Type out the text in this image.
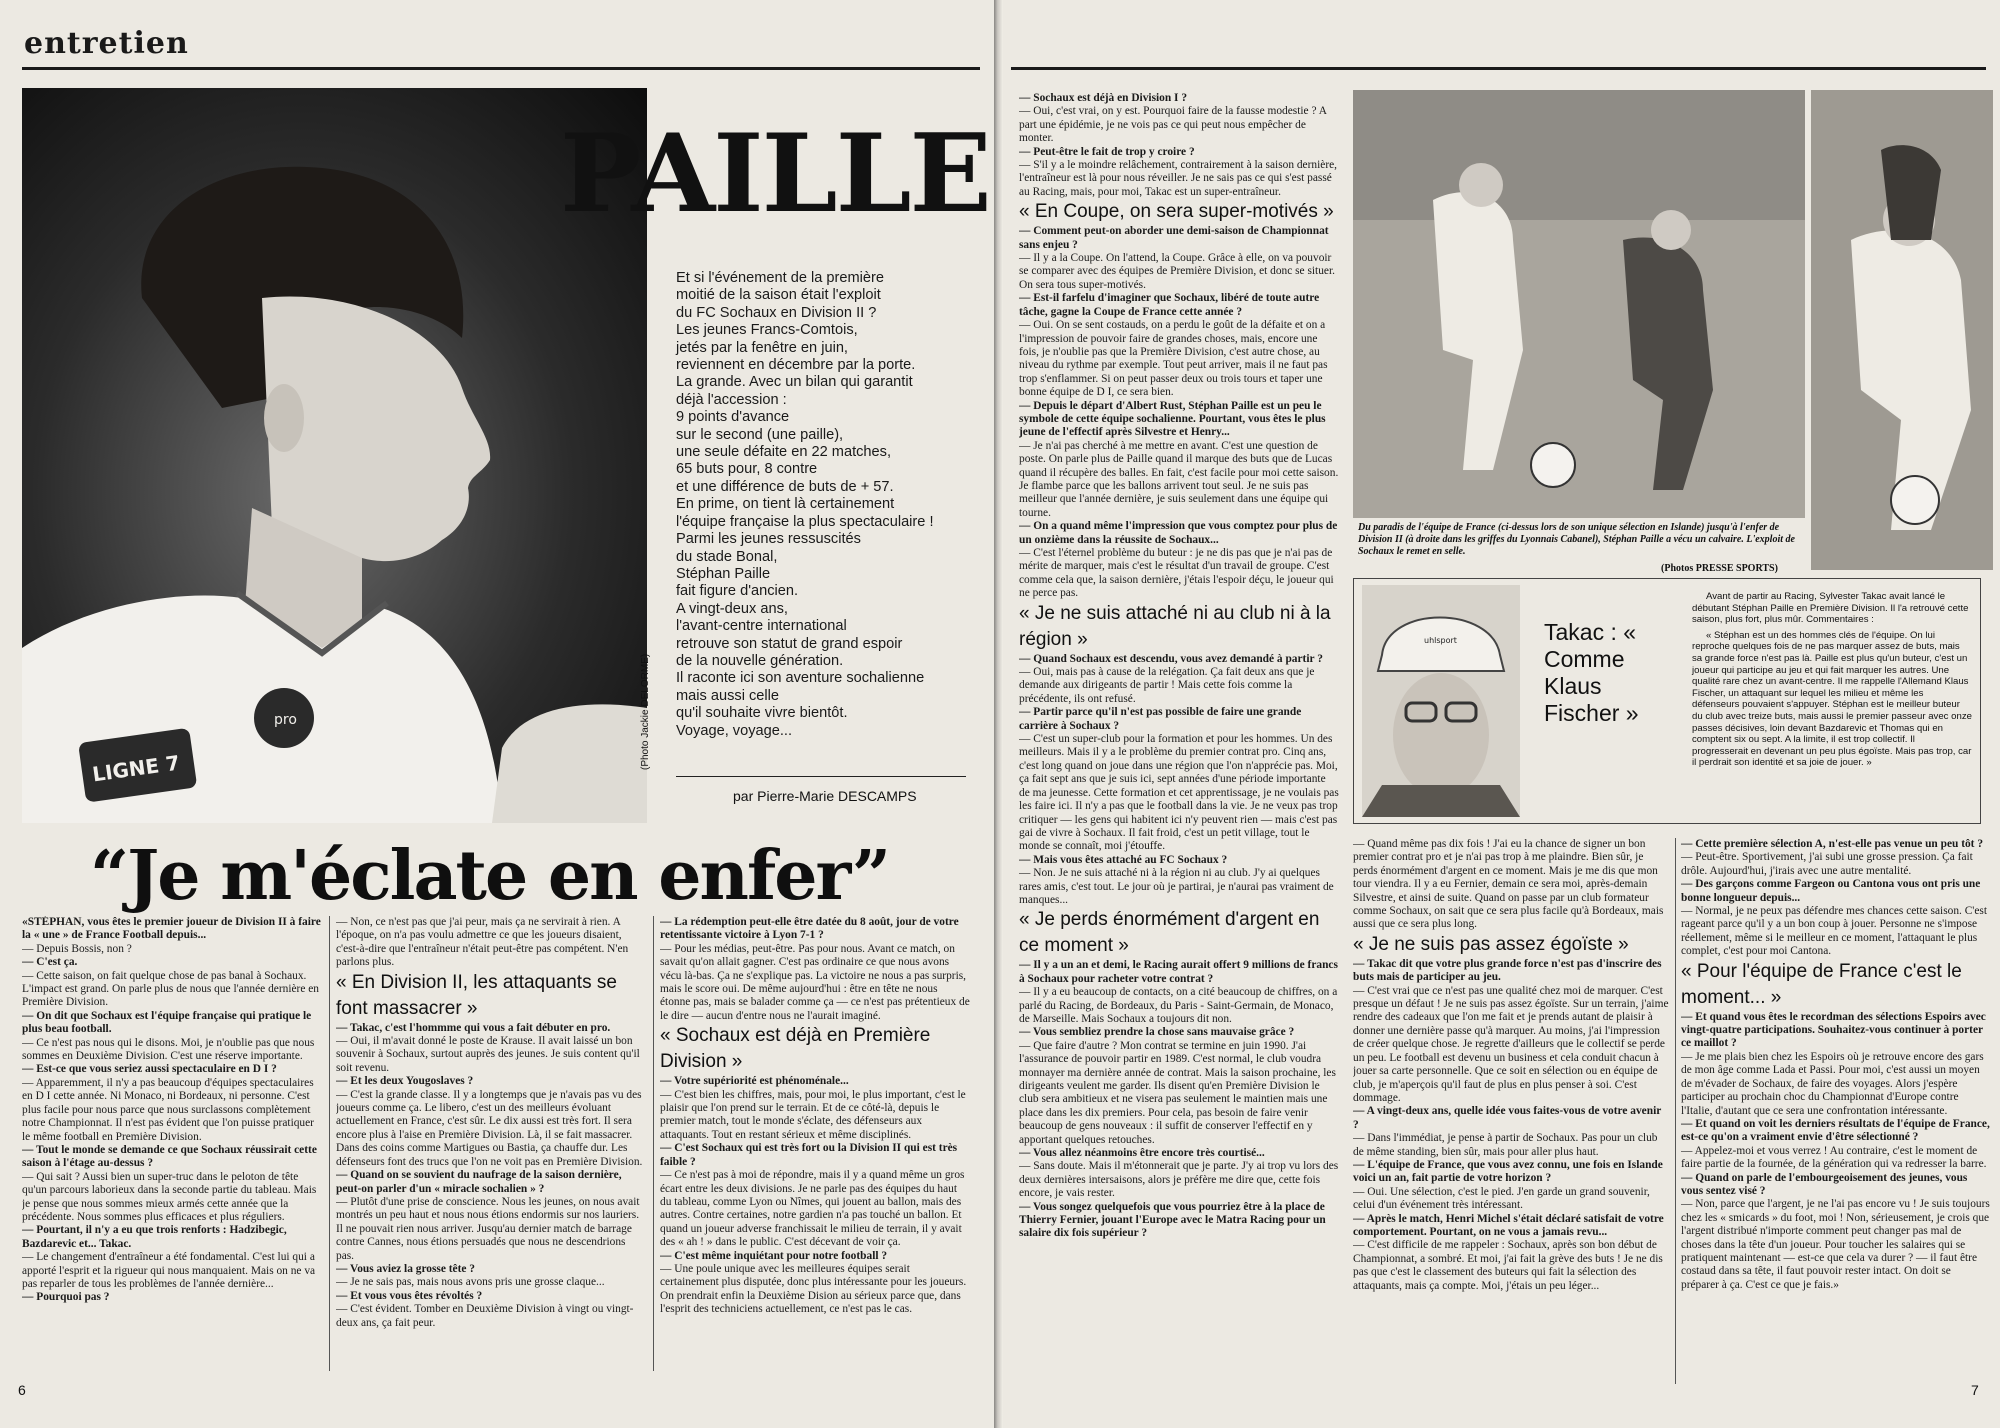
entretien
LIGNE 7
pro
PAILLE
Et si l'événement de la première
moitié de la saison était l'exploit
du FC Sochaux en Division II ?
Les jeunes Francs-Comtois,
jetés par la fenêtre en juin,
reviennent en décembre par la porte.
La grande. Avec un bilan qui garantit
déjà l'accession :
9 points d'avance
sur le second (une paille),
une seule défaite en 22 matches,
65 buts pour, 8 contre
et une différence de buts de + 57.
En prime, on tient là certainement
l'équipe française la plus spectaculaire !
Parmi les jeunes ressuscités
du stade Bonal,
Stéphan Paille
fait figure d'ancien.
A vingt-deux ans,
l'avant-centre international
retrouve son statut de grand espoir
de la nouvelle génération.
Il raconte ici son aventure sochalienne
mais aussi celle
qu'il souhaite vivre bientôt.
Voyage, voyage...
(Photo Jackie DELORME)
par Pierre-Marie DESCAMPS
“Je m'éclate en enfer”

«STÉPHAN, vous êtes le premier joueur de Division II à faire la « une » de France Football depuis...

— Depuis Bossis, non ?

— C'est ça.

— Cette saison, on fait quelque chose de pas banal à Sochaux. L'impact est grand. On parle plus de nous que l'année dernière en Première Division.

— On dit que Sochaux est l'équipe française qui pratique le plus beau football.

— Ce n'est pas nous qui le disons. Moi, je n'oublie pas que nous sommes en Deuxième Division. C'est une réserve importante.

— Est-ce que vous seriez aussi spectaculaire en D I ?

— Apparemment, il n'y a pas beaucoup d'équipes spectaculaires en D I cette année. Ni Monaco, ni Bordeaux, ni personne. C'est plus facile pour nous parce que nous surclassons complètement notre Championnat. Il n'est pas évident que l'on puisse pratiquer le même football en Première Division.

— Tout le monde se demande ce que Sochaux réussirait cette saison à l'étage au-dessus ?

— Qui sait ? Aussi bien un super-truc dans le peloton de tête qu'un parcours laborieux dans la seconde partie du tableau. Mais je pense que nous sommes mieux armés cette année que la précédente. Nous sommes plus efficaces et plus réguliers.

— Pourtant, il n'y a eu que trois renforts : Hadzibegic, Bazdarevic et... Takac.

— Le changement d'entraîneur a été fondamental. C'est lui qui a apporté l'esprit et la rigueur qui nous manquaient. Mais on ne va pas reparler de tous les problèmes de l'année dernière...

— Pourquoi pas ?

— Non, ce n'est pas que j'ai peur, mais ça ne servirait à rien. A l'époque, on n'a pas voulu admettre ce que les joueurs disaient, c'est-à-dire que l'entraîneur n'était peut-être pas compétent. N'en parlons plus.

« En Division II, les attaquants se font massacrer »

— Takac, c'est l'hommme qui vous a fait débuter en pro.

— Oui, il m'avait donné le poste de Krause. Il avait laissé un bon souvenir à Sochaux, surtout auprès des jeunes. Je suis content qu'il soit revenu.

— Et les deux Yougoslaves ?

— C'est la grande classe. Il y a longtemps que je n'avais pas vu des joueurs comme ça. Le libero, c'est un des meilleurs évoluant actuellement en France, c'est sûr. Le dix aussi est très fort. Il sera encore plus à l'aise en Première Division. Là, il se fait massacrer. Dans des coins comme Martigues ou Bastia, ça chauffe dur. Les défenseurs font des trucs que l'on ne voit pas en Première Division.

— Quand on se souvient du naufrage de la saison dernière, peut-on parler d'un « miracle sochalien » ?

— Plutôt d'une prise de conscience. Nous les jeunes, on nous avait montrés un peu haut et nous nous étions endormis sur nos lauriers. Il ne pouvait rien nous arriver. Jusqu'au dernier match de barrage contre Cannes, nous étions persuadés que nous ne descendrions pas.

— Vous aviez la grosse tête ?

— Je ne sais pas, mais nous avons pris une grosse claque...

— Et vous vous êtes révoltés ?

— C'est évident. Tomber en Deuxième Division à vingt ou vingt-deux ans, ça fait peur.

— La rédemption peut-elle être datée du 8 août, jour de votre retentissante victoire à Lyon 7-1 ?

— Pour les médias, peut-être. Pas pour nous. Avant ce match, on savait qu'on allait gagner. C'est pas ordinaire ce que nous avons vécu là-bas. Ça ne s'explique pas. La victoire ne nous a pas surpris, mais le score oui. De même aujourd'hui : être en tête ne nous étonne pas, mais se balader comme ça — ce n'est pas prétentieux de le dire — aucun d'entre nous ne l'aurait imaginé.

« Sochaux est déjà en Première Division »

— Votre supériorité est phénoménale...

— C'est bien les chiffres, mais, pour moi, le plus important, c'est le plaisir que l'on prend sur le terrain. Et de ce côté-là, depuis le premier match, tout le monde s'éclate, des défenseurs aux attaquants. Tout en restant sérieux et même disciplinés.

— C'est Sochaux qui est très fort ou la Division II qui est très faible ?

— Ce n'est pas à moi de répondre, mais il y a quand même un gros écart entre les deux divisions. Je ne parle pas des équipes du haut du tableau, comme Lyon ou Nîmes, qui jouent au ballon, mais des autres. Contre certaines, notre gardien n'a pas touché un ballon. Et quand un joueur adverse franchissait le milieu de terrain, il y avait des « ah ! » dans le public. C'est décevant de voir ça.

— C'est même inquiétant pour notre football ?

— Une poule unique avec les meilleures équipes serait certainement plus disputée, donc plus intéressante pour les joueurs. On prendrait enfin la Deuxième Dision au sérieux parce que, dans l'esprit des techniciens actuellement, ce n'est pas le cas.

6

— Sochaux est déjà en Division I ?

— Oui, c'est vrai, on y est. Pourquoi faire de la fausse modestie ? A part une épidémie, je ne vois pas ce qui peut nous empêcher de monter.

— Peut-être le fait de trop y croire ?

— S'il y a le moindre relâchement, contrairement à la saison dernière, l'entraîneur est là pour nous réveiller. Je ne sais pas ce qui s'est passé au Racing, mais, pour moi, Takac est un super-entraîneur.

« En Coupe, on sera super-motivés »

— Comment peut-on aborder une demi-saison de Championnat sans enjeu ?

— Il y a la Coupe. On l'attend, la Coupe. Grâce à elle, on va pouvoir se comparer avec des équipes de Première Division, et donc se situer. On sera tous super-motivés.

— Est-il farfelu d'imaginer que Sochaux, libéré de toute autre tâche, gagne la Coupe de France cette année ?

— Oui. On se sent costauds, on a perdu le goût de la défaite et on a l'impression de pouvoir faire de grandes choses, mais, encore une fois, je n'oublie pas que la Première Division, c'est autre chose, au niveau du rythme par exemple. Tout peut arriver, mais il ne faut pas trop s'enflammer. Si on peut passer deux ou trois tours et taper une bonne équipe de D I, ce sera bien.

— Depuis le départ d'Albert Rust, Stéphan Paille est un peu le symbole de cette équipe sochalienne. Pourtant, vous êtes le plus jeune de l'effectif après Silvestre et Henry...

— Je n'ai pas cherché à me mettre en avant. C'est une question de poste. On parle plus de Paille quand il marque des buts que de Lucas quand il récupère des balles. En fait, c'est facile pour moi cette saison. Je flambe parce que les ballons arrivent tout seul. Je ne suis pas meilleur que l'année dernière, je suis seulement dans une équipe qui tourne.

— On a quand même l'impression que vous comptez pour plus de un onzième dans la réussite de Sochaux...

— C'est l'éternel problème du buteur : je ne dis pas que je n'ai pas de mérite de marquer, mais c'est le résultat d'un travail de groupe. C'est comme cela que, la saison dernière, j'étais l'espoir déçu, le joueur qui ne perce pas.

« Je ne suis attaché ni au club ni à la région »

— Quand Sochaux est descendu, vous avez demandé à partir ?

— Oui, mais pas à cause de la relégation. Ça fait deux ans que je demande aux dirigeants de partir ! Mais cette fois comme la précédente, ils ont refusé.

— Partir parce qu'il n'est pas possible de faire une grande carrière à Sochaux ?

— C'est un super-club pour la formation et pour les hommes. Un des meilleurs. Mais il y a le problème du premier contrat pro. Cinq ans, c'est long quand on joue dans une région que l'on n'apprécie pas. Moi, ça fait sept ans que je suis ici, sept années d'une période importante de ma jeunesse. Cette formation et cet apprentissage, je ne voulais pas les faire ici. Il n'y a pas que le football dans la vie. Je ne veux pas trop critiquer — les gens qui habitent ici n'y peuvent rien — mais c'est pas gai de vivre à Sochaux. Il fait froid, c'est un petit village, tout le monde se connaît, moi j'étouffe.

— Mais vous êtes attaché au FC Sochaux ?

— Non. Je ne suis attaché ni à la région ni au club. J'y ai quelques rares amis, c'est tout. Le jour où je partirai, je n'aurai pas vraiment de manques...

« Je perds énormément d'argent en ce moment »

— Il y a un an et demi, le Racing aurait offert 9 millions de francs à Sochaux pour racheter votre contrat ?

— Il y a eu beaucoup de contacts, on a cité beaucoup de chiffres, on a parlé du Racing, de Bordeaux, du Paris - Saint-Germain, de Monaco, de Marseille. Mais Sochaux a toujours dit non.

— Vous sembliez prendre la chose sans mauvaise grâce ?

— Que faire d'autre ? Mon contrat se termine en juin 1990. J'ai l'assurance de pouvoir partir en 1989. C'est normal, le club voudra monnayer ma dernière année de contrat. Mais la saison prochaine, les dirigeants veulent me garder. Ils disent qu'en Première Division le club sera ambitieux et ne visera pas seulement le maintien mais une place dans les dix premiers. Pour cela, pas besoin de faire venir beaucoup de gens nouveaux : il suffit de conserver l'effectif en y apportant quelques retouches.

— Vous allez néanmoins être encore très courtisé...

— Sans doute. Mais il m'étonnerait que je parte. J'y ai trop vu lors des deux dernières intersaisons, alors je préfère me dire que, cette fois encore, je vais rester.

— Vous songez quelquefois que vous pourriez être à la place de Thierry Fernier, jouant l'Europe avec le Matra Racing pour un salaire dix fois supérieur ?

Du paradis de l'équipe de France (ci-dessus lors de son unique sélection en Islande) jusqu'à l'enfer de Division II (à droite dans les griffes du Lyonnais Cabanel), Stéphan Paille a vécu un calvaire. L'exploit de Sochaux le remet en selle.
(Photos PRESSE SPORTS)
uhlsport	Takac : « Comme Klaus Fischer »

Avant de partir au Racing, Sylvester Takac avait lancé le débutant Stéphan Paille en Première Division. Il l'a retrouvé cette saison, plus fort, plus mûr. Commentaires :

« Stéphan est un des hommes clés de l'équipe. On lui reproche quelques fois de ne pas marquer assez de buts, mais sa grande force n'est pas là. Paille est plus qu'un buteur, c'est un joueur qui participe au jeu et qui fait marquer les autres. Une qualité rare chez un avant-centre. Il me rappelle l'Allemand Klaus Fischer, un attaquant sur lequel les milieu et même les défenseurs pouvaient s'appuyer. Stéphan est le meilleur buteur du club avec treize buts, mais aussi le premier passeur avec onze passes décisives, loin devant Bazdarevic et Thomas qui en comptent six ou sept. A la limite, il est trop collectif. Il progresserait en devenant un peu plus égoïste. Mais pas trop, car il perdrait son identité et sa joie de jouer. »

— Quand même pas dix fois ! J'ai eu la chance de signer un bon premier contrat pro et je n'ai pas trop à me plaindre. Bien sûr, je perds énormément d'argent en ce moment. Mais je me dis que mon tour viendra. Il y a eu Fernier, demain ce sera moi, après-demain Silvestre, et ainsi de suite. Quand on passe par un club formateur comme Sochaux, on sait que ce sera plus facile qu'à Bordeaux, mais aussi que ce sera plus long.

« Je ne suis pas assez égoïste »

— Takac dit que votre plus grande force n'est pas d'inscrire des buts mais de participer au jeu.

— C'est vrai que ce n'est pas une qualité chez moi de marquer. C'est presque un défaut ! Je ne suis pas assez égoïste. Sur un terrain, j'aime rendre des cadeaux que l'on me fait et je prends autant de plaisir à donner une dernière passe qu'à marquer. Au moins, j'ai l'impression de créer quelque chose. Je regrette d'ailleurs que le collectif se perde un peu. Le football est devenu un business et cela conduit chacun à jouer sa carte personnelle. Que ce soit en sélection ou en équipe de club, je m'aperçois qu'il faut de plus en plus penser à soi. C'est dommage.

— A vingt-deux ans, quelle idée vous faites-vous de votre avenir ?

— Dans l'immédiat, je pense à partir de Sochaux. Pas pour un club de même standing, bien sûr, mais pour aller plus haut.

— L'équipe de France, que vous avez connu, une fois en Islande voici un an, fait partie de votre horizon ?

— Oui. Une sélection, c'est le pied. J'en garde un grand souvenir, celui d'un événement très intéressant.

— Après le match, Henri Michel s'était déclaré satisfait de votre comportement. Pourtant, on ne vous a jamais revu...

— C'est difficile de me rappeler : Sochaux, après son bon début de Championnat, a sombré. Et moi, j'ai fait la grève des buts ! Je ne dis pas que c'est le classement des buteurs qui fait la sélection des attaquants, mais ça compte. Moi, j'étais un peu léger...

— Cette première sélection A, n'est-elle pas venue un peu tôt ?

— Peut-être. Sportivement, j'ai subi une grosse pression. Ça fait drôle. Aujourd'hui, j'irais avec une autre mentalité.

— Des garçons comme Fargeon ou Cantona vous ont pris une bonne longueur depuis...

— Normal, je ne peux pas défendre mes chances cette saison. C'est rageant parce qu'il y a un bon coup à jouer. Personne ne s'impose réellement, même si le meilleur en ce moment, l'attaquant le plus complet, c'est pour moi Cantona.

« Pour l'équipe de France c'est le moment... »

— Et quand vous êtes le recordman des sélections Espoirs avec vingt-quatre participations. Souhaitez-vous continuer à porter ce maillot ?

— Je me plais bien chez les Espoirs où je retrouve encore des gars de mon âge comme Lada et Passi. Pour moi, c'est aussi un moyen de m'évader de Sochaux, de faire des voyages. Alors j'espère participer au prochain choc du Championnat d'Europe contre l'Italie, d'autant que ce sera une confrontation intéressante.

— Et quand on voit les derniers résultats de l'équipe de France, est-ce qu'on a vraiment envie d'être sélectionné ?

— Appelez-moi et vous verrez ! Au contraire, c'est le moment de faire partie de la fournée, de la génération qui va redresser la barre.

— Quand on parle de l'embourgeoisement des jeunes, vous vous sentez visé ?

— Non, parce que l'argent, je ne l'ai pas encore vu ! Je suis toujours chez les « smicards » du foot, moi ! Non, sérieusement, je crois que l'argent distribué n'importe comment peut changer pas mal de choses dans la tête d'un joueur. Pour toucher les salaires qui se pratiquent maintenant — est-ce que cela va durer ? — il faut être costaud dans sa tête, il faut pouvoir rester intact. On doit se préparer à ça. C'est ce que je fais.»

7
